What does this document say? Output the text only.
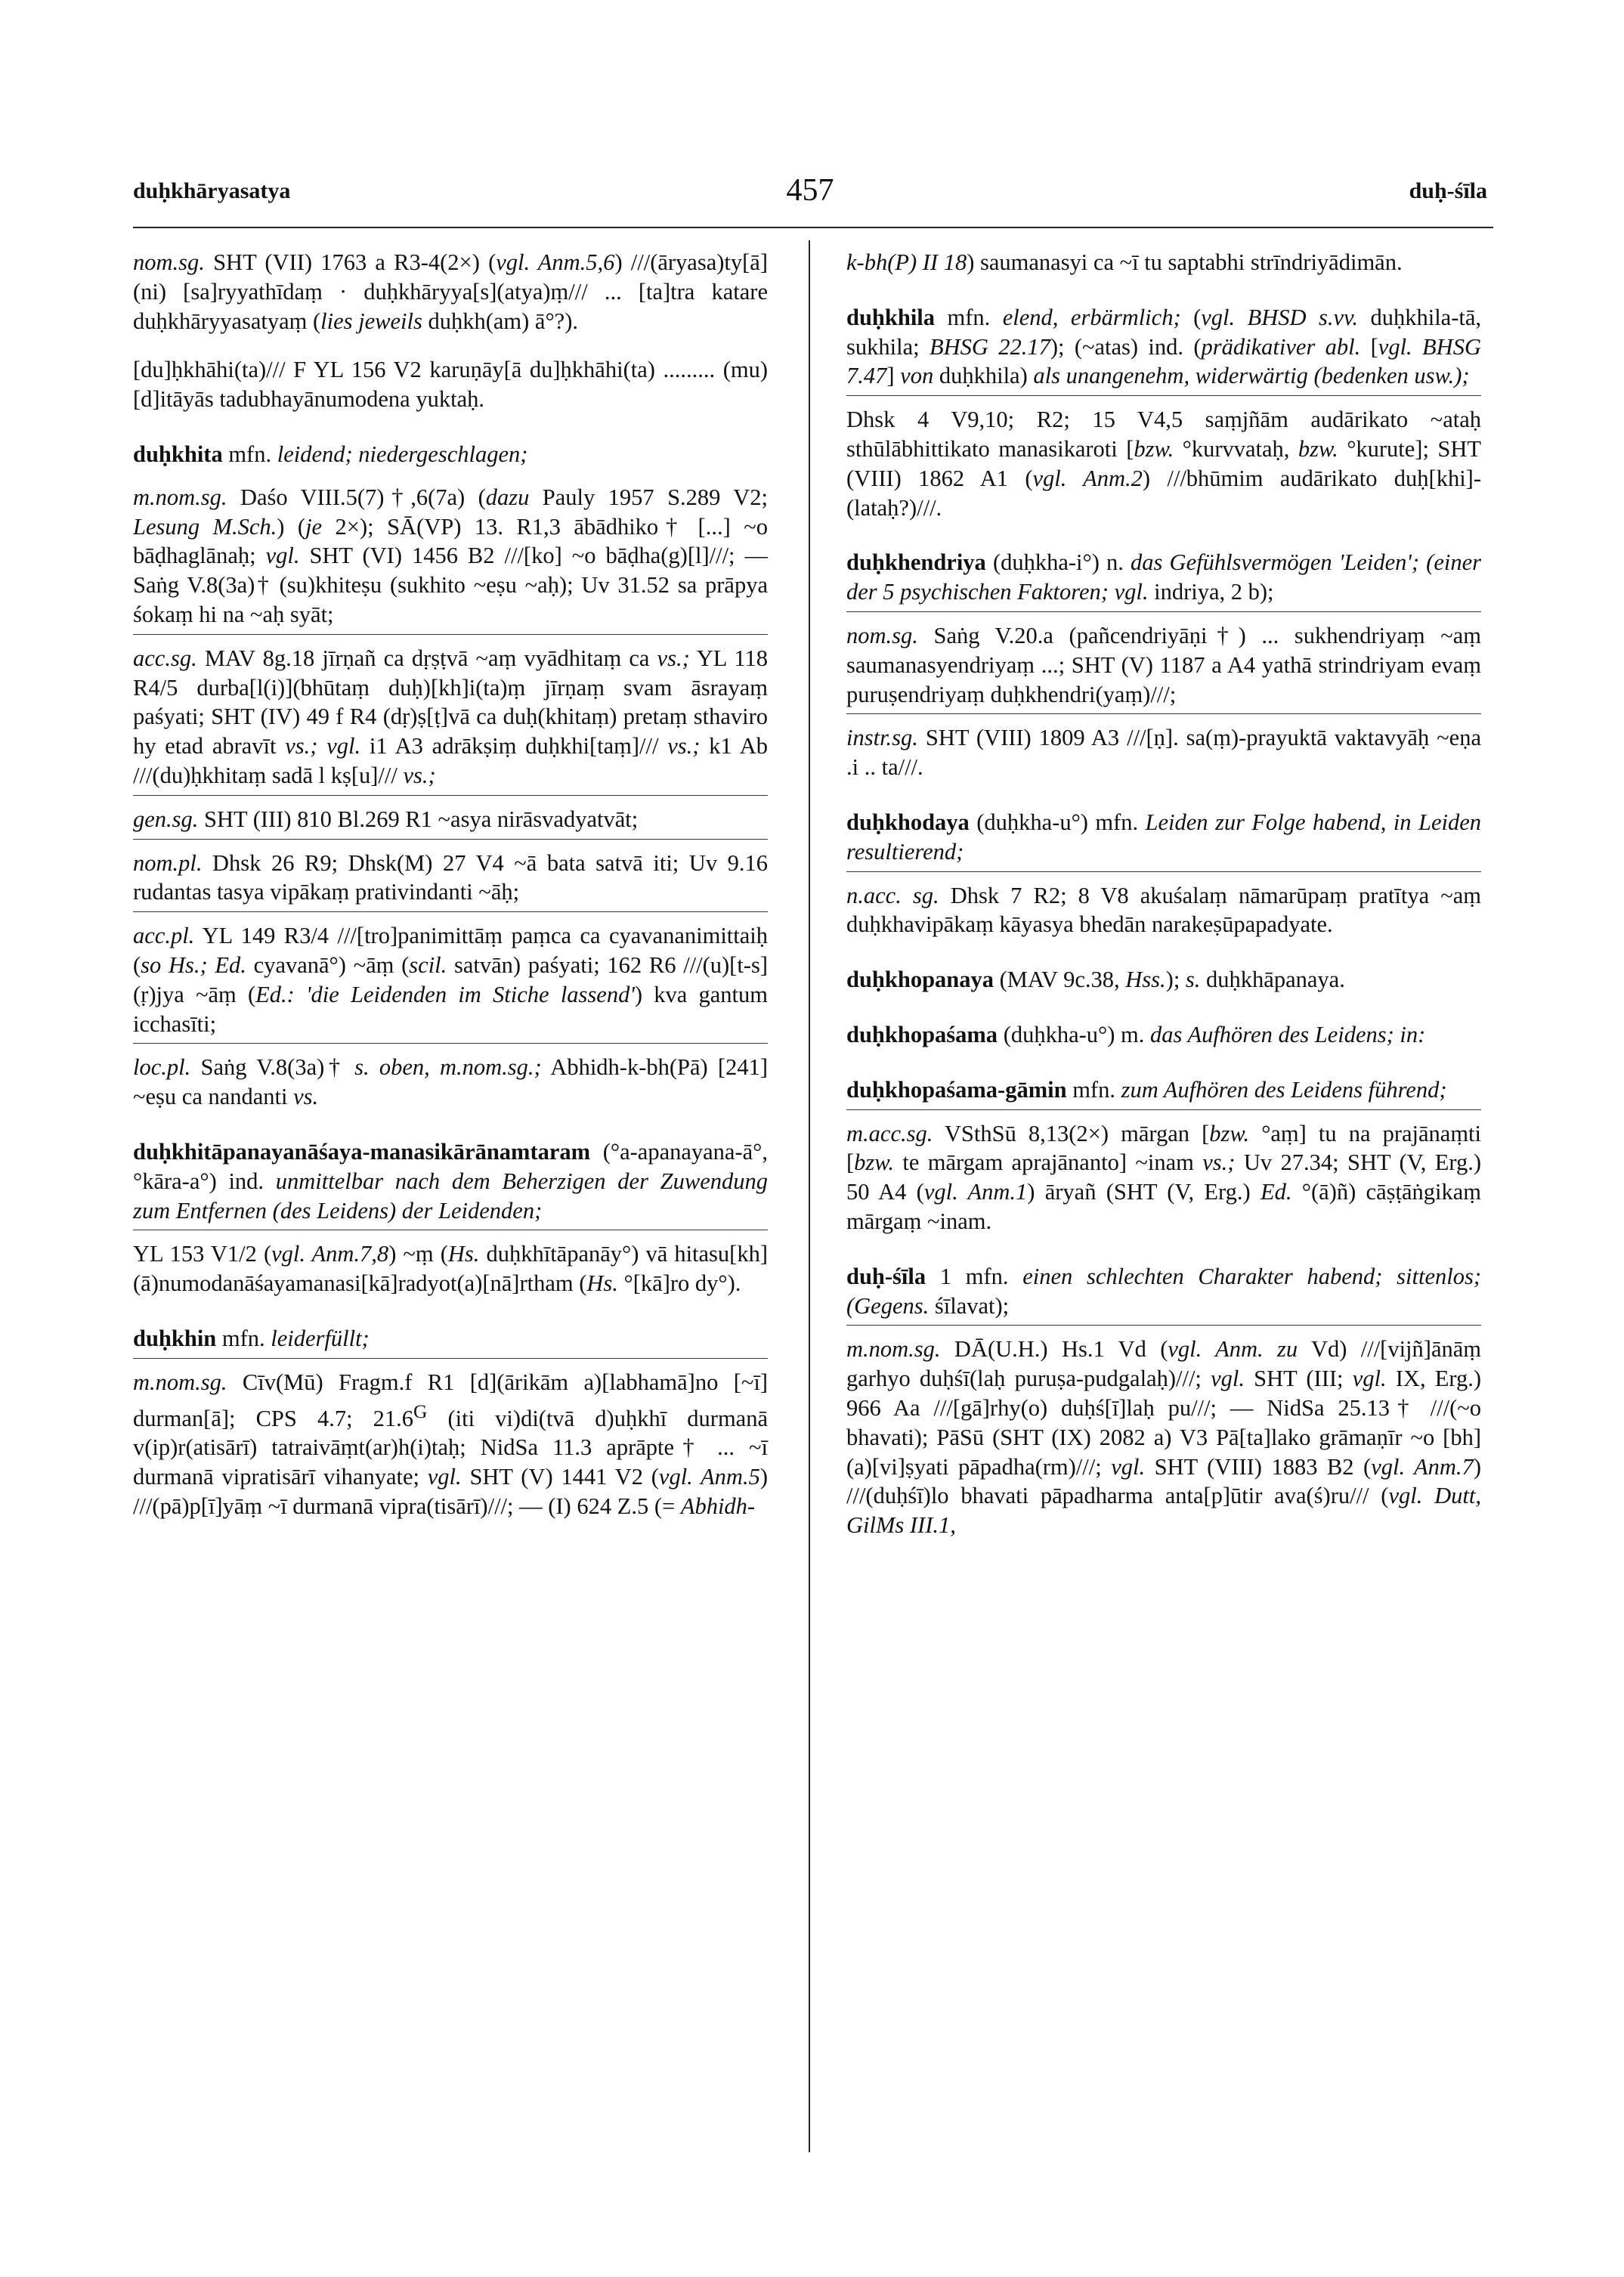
duḥkhāryasatya	457	duḥ-śīla

nom.sg. SHT (VII) 1763 a R3-4(2×) (vgl. Anm.5,6) ///(āryasa)ty[ā](ni) [sa]ryyathīdaṃ · duḥkhāryya[s](atya)ṃ/// ... [ta]tra katare duḥkhāryyasatyaṃ (lies jeweils duḥkh(am) ā°?).

[du]ḥkhāhi(ta)/// F YL 156 V2 karuṇāy[ā du]ḥkhāhi(ta) ......... (mu)[d]itāyās tadubhayānumodena yuktaḥ.

duḥkhita mfn. leidend; niedergeschlagen;

m.nom.sg. Daśo VIII.5(7)†,6(7a) (dazu Pauly 1957 S.289 V2; Lesung M.Sch.) (je 2×); SĀ(VP) 13. R1,3 ābādhiko† [...] ~o bāḍhaglānaḥ; vgl. SHT (VI) 1456 B2 ///[ko] ~o bāḍha(g)[l]///; — Saṅg V.8(3a)† (su)khiteṣu (sukhito ~eṣu ~aḥ); Uv 31.52 sa prāpya śokaṃ hi na ~aḥ syāt;

acc.sg. MAV 8g.18 jīrṇañ ca dṛṣṭvā ~aṃ vyādhitaṃ ca vs.; YL 118 R4/5 durba[l(i)](bhūtaṃ duḥ)[kh]i(ta)ṃ jīrṇaṃ svam āsrayaṃ paśyati; SHT (IV) 49 f R4 (dṛ)ṣ[ṭ]vā ca duḥ(khitaṃ) pretaṃ sthaviro hy etad abravīt vs.; vgl. i1 A3 adrākṣiṃ duḥkhi[taṃ]/// vs.; k1 Ab ///(du)ḥkhitaṃ sadā l kṣ[u]/// vs.;

gen.sg. SHT (III) 810 Bl.269 R1 ~asya nirāsvadyatvāt;

nom.pl. Dhsk 26 R9; Dhsk(M) 27 V4 ~ā bata satvā iti; Uv 9.16 rudantas tasya vipākaṃ prativindanti ~āḥ;

acc.pl. YL 149 R3/4 ///[tro]panimittāṃ paṃca ca cyavananimittaiḥ (so Hs.; Ed. cyavanā°) ~āṃ (scil. satvān) paśyati; 162 R6 ///(u)[t-s](ṛ)jya ~āṃ (Ed.: 'die Leidenden im Stiche lassend') kva gantum icchasīti;

loc.pl. Saṅg V.8(3a)† s. oben, m.nom.sg.; Abhidh-k-bh(Pā) [241] ~eṣu ca nandanti vs.

duḥkhitāpanayanāśaya-manasikārānamtaram (°a-apanayana-ā°, °kāra-a°) ind. unmittelbar nach dem Beherzigen der Zuwendung zum Entfernen (des Leidens) der Leidenden;

YL 153 V1/2 (vgl. Anm.7,8) ~ṃ (Hs. duḥkhītāpanāy°) vā hitasu[kh](ā)numodanāśayamanasi[kā]radyot(a)[nā]rtham (Hs. °[kā]ro dy°).

duḥkhin mfn. leiderfüllt;

m.nom.sg. Cīv(Mū) Fragm.f R1 [d](ārikām a)[labhamā]no [~ī] durman[ā]; CPS 4.7; $21.6^G$ (iti vi)di(tvā d)uḥkhī durmanā v(ip)r(atisārī) tatraivāṃt(ar)h(i)taḥ; NidSa 11.3 aprāpte† ... ~ī durmanā vipratisārī vihanyate; vgl. SHT (V) 1441 V2 (vgl. Anm.5) ///(pā)p[ī]yāṃ ~ī durmanā vipra(tisārī)///; — (I) 624 Z.5 (= Abhidh-

k-bh(P) II 18) saumanasyi ca ~ī tu saptabhi strīndriyādimān.

duḥkhila mfn. elend, erbärmlich; (vgl. BHSD s.vv. duḥkhila-tā, sukhila; BHSG 22.17); (~atas) ind. (prädikativer abl. [vgl. BHSG 7.47] von duḥkhila) als unangenehm, widerwärtig (bedenken usw.);

Dhsk 4 V9,10; R2; 15 V4,5 saṃjñām audārikato ~ataḥ sthūlābhittikato manasikaroti [bzw. °kurvvataḥ, bzw. °kurute]; SHT (VIII) 1862 A1 (vgl. Anm.2) ///bhūmim audārikato duḥ[khi]-(lataḥ?)///.

duḥkhendriya (duḥkha-i°) n. das Gefühlsvermögen 'Leiden'; (einer der 5 psychischen Faktoren; vgl. indriya, 2 b);

nom.sg. Saṅg V.20.a (pañcendriyāṇi†) ... sukhendriyaṃ ~aṃ saumanasyendriyaṃ ...; SHT (V) 1187 a A4 yathā strindriyam evaṃ puruṣendriyaṃ duḥkhendri(yaṃ)///;

instr.sg. SHT (VIII) 1809 A3 ///[ṇ]. sa(ṃ)-prayuktā vaktavyāḥ ~eṇa .i .. ta///.

duḥkhodaya (duḥkha-u°) mfn. Leiden zur Folge habend, in Leiden resultierend;

n.acc. sg. Dhsk 7 R2; 8 V8 akuśalaṃ nāmarūpaṃ pratītya ~aṃ duḥkhavipākaṃ kāyasya bhedān narakeṣūpapadyate.

duḥkhopanaya (MAV 9c.38, Hss.); s. duḥkhāpanaya.

duḥkhopaśama (duḥkha-u°) m. das Aufhören des Leidens; in:

duḥkhopaśama-gāmin mfn. zum Aufhören des Leidens führend;

m.acc.sg. VSthSū 8,13(2×) mārgan [bzw. °aṃ] tu na prajānaṃti [bzw. te mārgam aprajānanto] ~inam vs.; Uv 27.34; SHT (V, Erg.) 50 A4 (vgl. Anm.1) āryañ (SHT (V, Erg.) Ed. °(ā)ñ) cāṣṭāṅgikaṃ mārgaṃ ~inam.

duḥ-śīla 1 mfn. einen schlechten Charakter habend; sittenlos; (Gegens. śīlavat);

m.nom.sg. DĀ(U.H.) Hs.1 Vd (vgl. Anm. zu Vd) ///[vijñ]ānāṃ garhyo duḥśī(laḥ puruṣa-pudgalaḥ)///; vgl. SHT (III; vgl. IX, Erg.) 966 Aa ///[gā]rhy(o) duḥś[ī]laḥ pu///; — NidSa 25.13† ///(~o bhavati); PāSū (SHT (IX) 2082 a) V3 Pā[ta]lako grāmaṇīr ~o [bh](a)[vi]ṣyati pāpadha(rm)///; vgl. SHT (VIII) 1883 B2 (vgl. Anm.7) ///(duḥśī)lo bhavati pāpadharma anta[p]ūtir ava(ś)ru/// (vgl. Dutt, GilMs III.1,
